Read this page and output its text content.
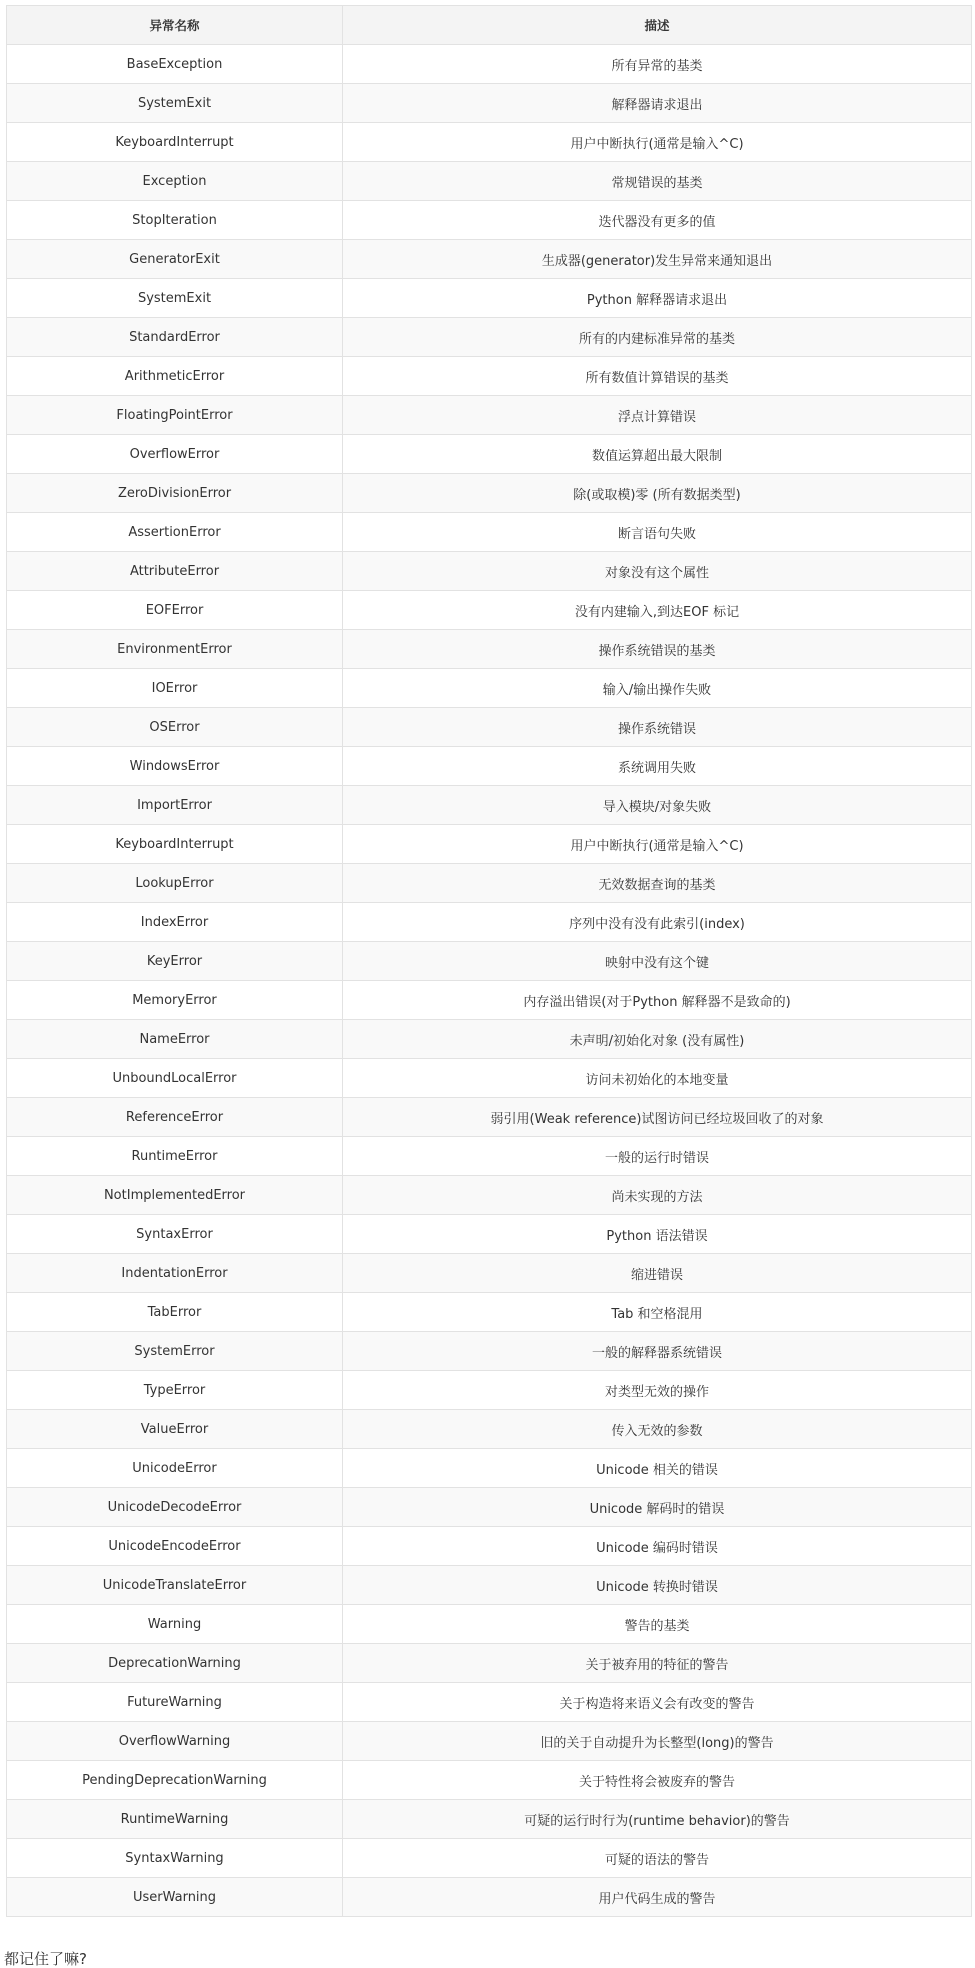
异常名称	描述
BaseException	所有异常的基类
SystemExit	解释器请求退出
KeyboardInterrupt	用户中断执行(通常是输入^C)
Exception	常规错误的基类
StopIteration	迭代器没有更多的值
GeneratorExit	生成器(generator)发生异常来通知退出
SystemExit	Python 解释器请求退出
StandardError	所有的内建标准异常的基类
ArithmeticError	所有数值计算错误的基类
FloatingPointError	浮点计算错误
OverflowError	数值运算超出最大限制
ZeroDivisionError	除(或取模)零 (所有数据类型)
AssertionError	断言语句失败
AttributeError	对象没有这个属性
EOFError	没有内建输入,到达EOF 标记
EnvironmentError	操作系统错误的基类
IOError	输入/输出操作失败
OSError	操作系统错误
WindowsError	系统调用失败
ImportError	导入模块/对象失败
KeyboardInterrupt	用户中断执行(通常是输入^C)
LookupError	无效数据查询的基类
IndexError	序列中没有没有此索引(index)
KeyError	映射中没有这个键
MemoryError	内存溢出错误(对于Python 解释器不是致命的)
NameError	未声明/初始化对象 (没有属性)
UnboundLocalError	访问未初始化的本地变量
ReferenceError	弱引用(Weak reference)试图访问已经垃圾回收了的对象
RuntimeError	一般的运行时错误
NotImplementedError	尚未实现的方法
SyntaxError	Python 语法错误
IndentationError	缩进错误
TabError	Tab 和空格混用
SystemError	一般的解释器系统错误
TypeError	对类型无效的操作
ValueError	传入无效的参数
UnicodeError	Unicode 相关的错误
UnicodeDecodeError	Unicode 解码时的错误
UnicodeEncodeError	Unicode 编码时错误
UnicodeTranslateError	Unicode 转换时错误
Warning	警告的基类
DeprecationWarning	关于被弃用的特征的警告
FutureWarning	关于构造将来语义会有改变的警告
OverflowWarning	旧的关于自动提升为长整型(long)的警告
PendingDeprecationWarning	关于特性将会被废弃的警告
RuntimeWarning	可疑的运行时行为(runtime behavior)的警告
SyntaxWarning	可疑的语法的警告
UserWarning	用户代码生成的警告

都记住了嘛?
